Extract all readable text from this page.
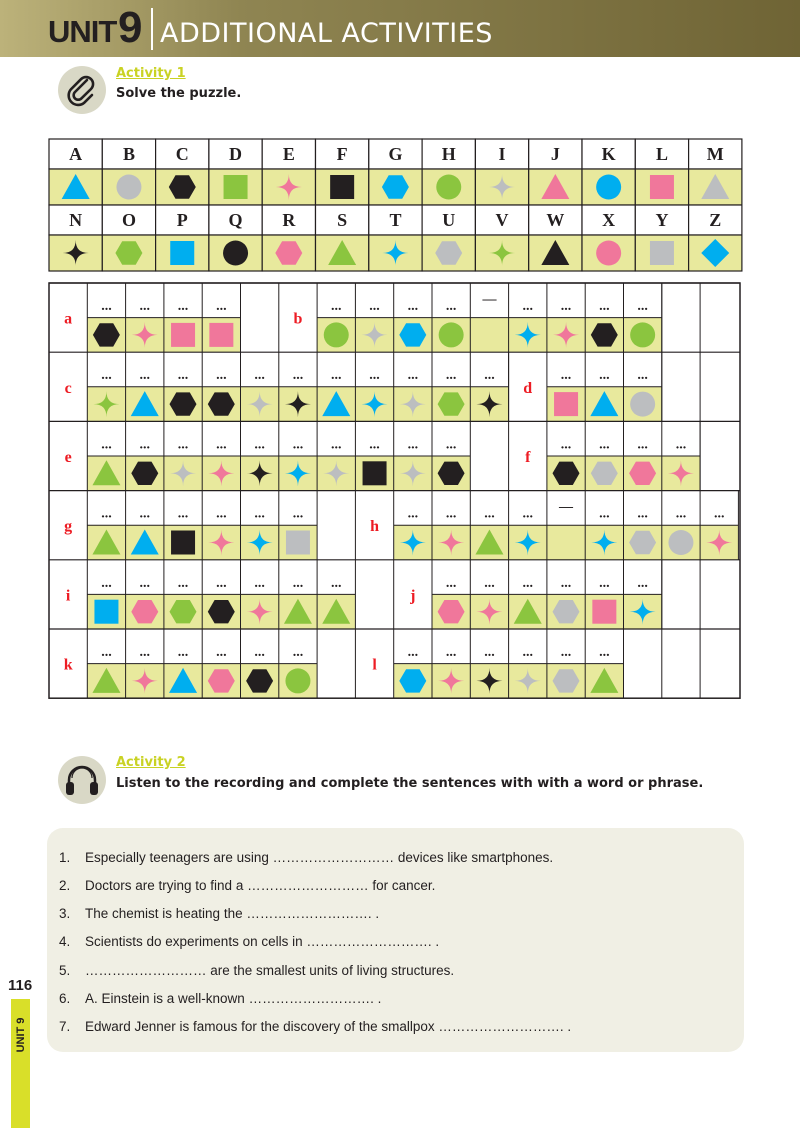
UNIT 9 ADDITIONAL ACTIVITIES
Activity 1
Solve the puzzle.
A B C D E F G H I	J K L M
N O P Q R S T U V W X Y Z
a
... ... ... ...
b
... ... ... ... — ... ... ... ...
c
... ... ... ... ... ... ... ... ... ... ...
d
... ... ...
e
... ... ... ... ... ... ... ... ... ...
f
... ... ... ...
g
... ... ... ... ... ...
h
... ... ... ... — ... ... ... ...
i
... ... ... ... ... ... ...
j
... ... ... ... ... ...
k
... ... ... ... ... ...
l
... ... ... ... ... ...
Activity 2
Listen to the recording and complete the sentences with with a word or phrase.
1. Especially teenagers are using ……………………… devices like smartphones.
2. Doctors are trying to find a ……………………… for cancer.
3. The chemist is heating the ………………………. .
4. Scientists do experiments on cells in ………………………. .
5. ……………………… are the smallest units of living structures.
6. A. Einstein is a well-known ………………………. .
7. Edward Jenner is famous for the discovery of the smallpox ………………………. .
116
UNIT 9
